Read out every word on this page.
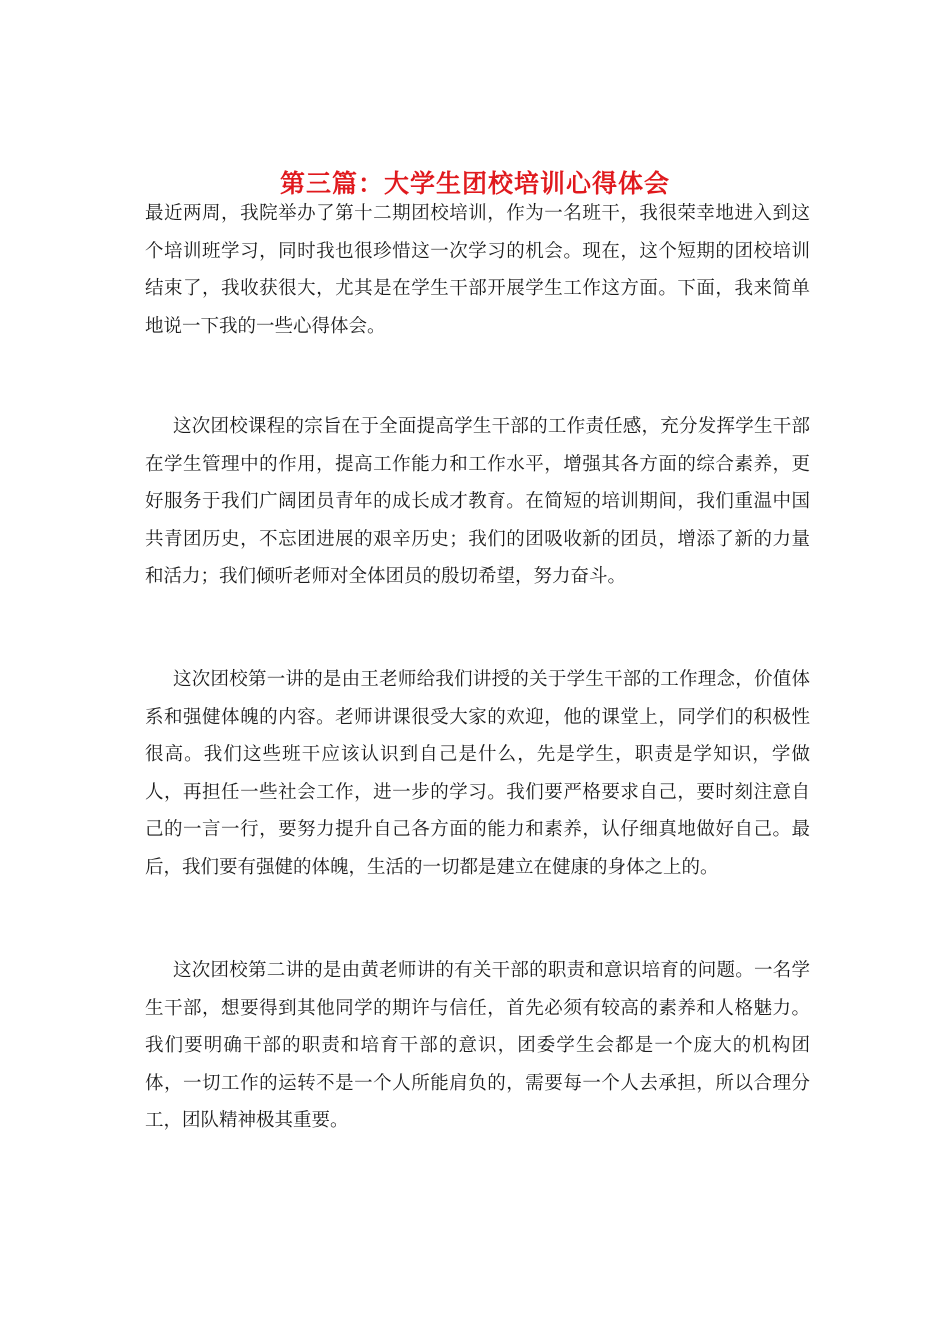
第三篇：大学生团校培训心得体会

最近两周，我院举办了第十二期团校培训，作为一名班干，我很荣幸地进入到这个培训班学习，同时我也很珍惜这一次学习的机会。现在，这个短期的团校培训结束了，我收获很大，尤其是在学生干部开展学生工作这方面。下面，我来简单地说一下我的一些心得体会。

这次团校课程的宗旨在于全面提高学生干部的工作责任感，充分发挥学生干部在学生管理中的作用，提高工作能力和工作水平，增强其各方面的综合素养，更好服务于我们广阔团员青年的成长成才教育。在简短的培训期间，我们重温中国共青团历史，不忘团进展的艰辛历史；我们的团吸收新的团员，增添了新的力量和活力；我们倾听老师对全体团员的殷切希望，努力奋斗。

这次团校第一讲的是由王老师给我们讲授的关于学生干部的工作理念，价值体系和强健体魄的内容。老师讲课很受大家的欢迎，他的课堂上，同学们的积极性很高。我们这些班干应该认识到自己是什么，先是学生，职责是学知识，学做人，再担任一些社会工作，进一步的学习。我们要严格要求自己，要时刻注意自己的一言一行，要努力提升自己各方面的能力和素养，认仔细真地做好自己。最后，我们要有强健的体魄，生活的一切都是建立在健康的身体之上的。

这次团校第二讲的是由黄老师讲的有关干部的职责和意识培育的问题。一名学生干部，想要得到其他同学的期许与信任，首先必须有较高的素养和人格魅力。我们要明确干部的职责和培育干部的意识，团委学生会都是一个庞大的机构团体，一切工作的运转不是一个人所能肩负的，需要每一个人去承担，所以合理分工，团队精神极其重要。
